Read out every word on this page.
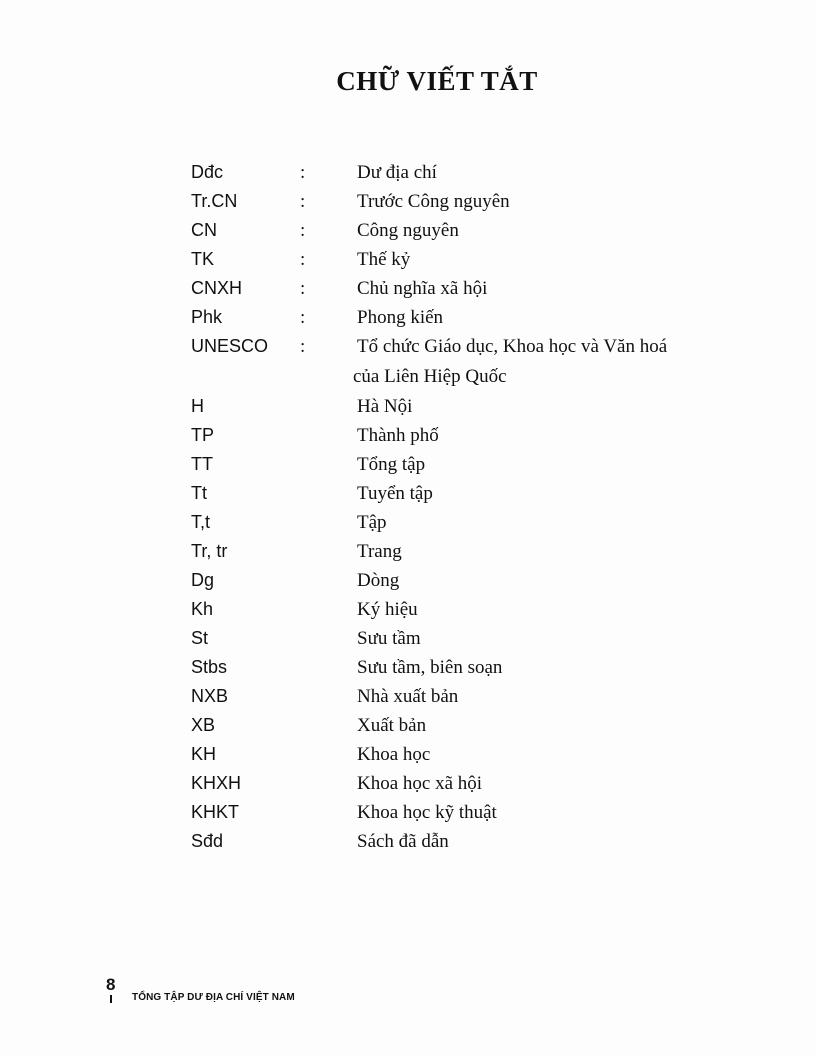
CHỮ VIẾT TẮT
Dđc	:	Dư địa chí
Tr.CN	:	Trước Công nguyên
CN	:	Công nguyên
TK	:	Thế kỷ
CNXH	:	Chủ nghĩa xã hội
Phk	:	Phong kiến
UNESCO :	Tổ chức Giáo dục, Khoa học và Văn hoá
của Liên Hiệp Quốc
H	Hà Nội
TP	Thành phố
TT	Tổng tập
Tt	Tuyển tập
T,t	Tập
Tr, tr	Trang
Dg	Dòng
Kh	Ký hiệu
St	Sưu tầm
Stbs	Sưu tầm, biên soạn
NXB	Nhà xuất bản
XB	Xuất bản
KH	Khoa học
KHXH	Khoa học xã hội
KHKT	Khoa học kỹ thuật
Sđd	Sách đã dẫn
8
TỔNG TẬP DƯ ĐỊA CHÍ VIỆT NAM
